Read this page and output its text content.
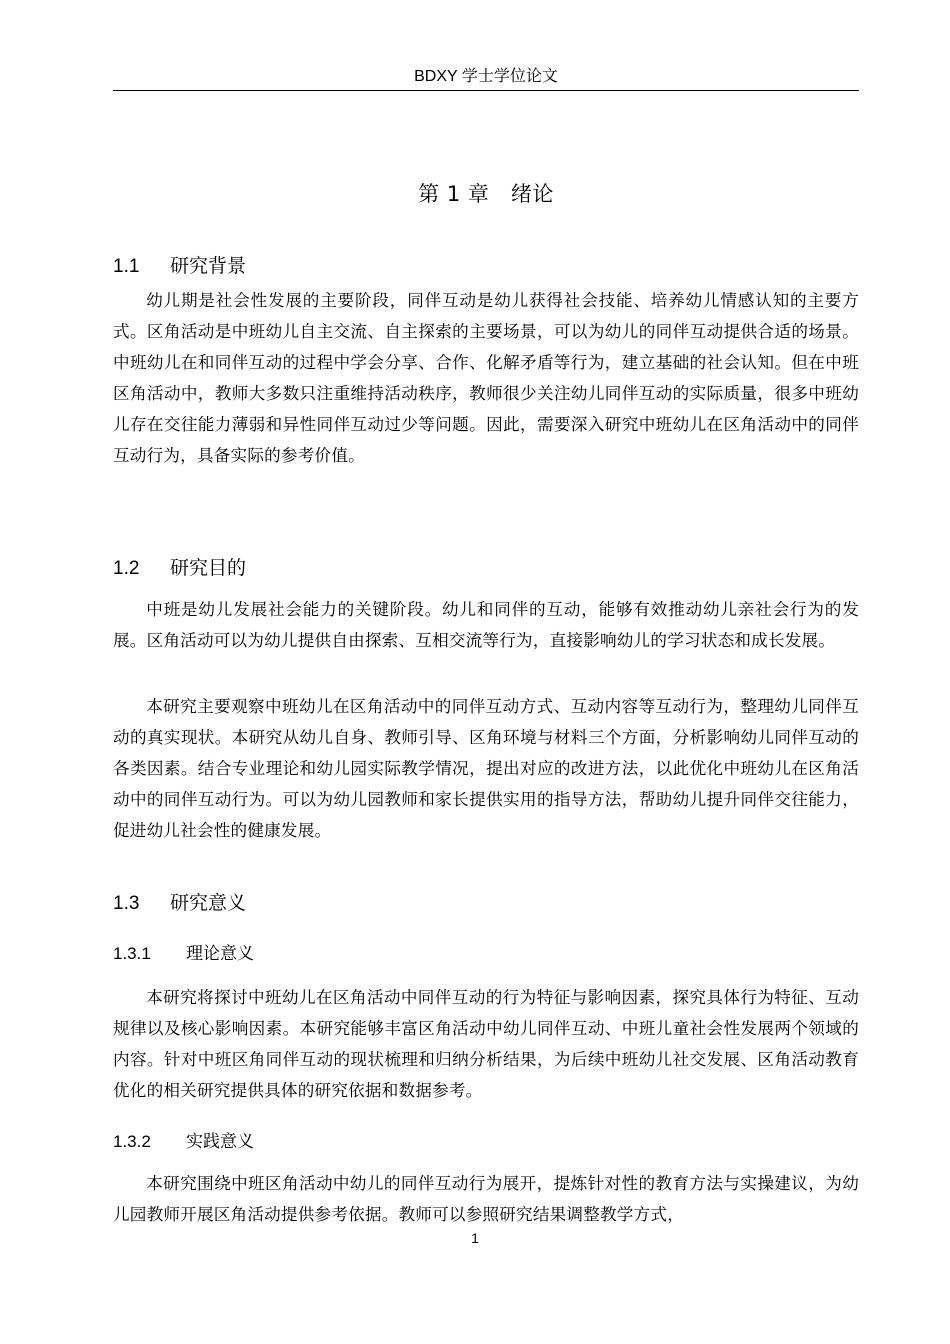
BDXY 学士学位论文
第 1 章　绪论
1.1 研究背景

幼儿期是社会性发展的主要阶段，同伴互动是幼儿获得社会技能、培养幼儿情感认知的主要方式。区角活动是中班幼儿自主交流、自主探索的主要场景，可以为幼儿的同伴互动提供合适的场景。中班幼儿在和同伴互动的过程中学会分享、合作、化解矛盾等行为，建立基础的社会认知。但在中班区角活动中，教师大多数只注重维持活动秩序，教师很少关注幼儿同伴互动的实际质量，很多中班幼儿存在交往能力薄弱和异性同伴互动过少等问题。因此，需要深入研究中班幼儿在区角活动中的同伴互动行为，具备实际的参考价值。

1.2 研究目的

中班是幼儿发展社会能力的关键阶段。幼儿和同伴的互动，能够有效推动幼儿亲社会行为的发展。区角活动可以为幼儿提供自由探索、互相交流等行为，直接影响幼儿的学习状态和成长发展。

本研究主要观察中班幼儿在区角活动中的同伴互动方式、互动内容等互动行为，整理幼儿同伴互动的真实现状。本研究从幼儿自身、教师引导、区角环境与材料三个方面，分析影响幼儿同伴互动的各类因素。结合专业理论和幼儿园实际教学情况，提出对应的改进方法，以此优化中班幼儿在区角活动中的同伴互动行为。可以为幼儿园教师和家长提供实用的指导方法，帮助幼儿提升同伴交往能力，促进幼儿社会性的健康发展。

1.3 研究意义
1.3.1 理论意义

本研究将探讨中班幼儿在区角活动中同伴互动的行为特征与影响因素，探究具体行为特征、互动规律以及核心影响因素。本研究能够丰富区角活动中幼儿同伴互动、中班儿童社会性发展两个领域的内容。针对中班区角同伴互动的现状梳理和归纳分析结果，为后续中班幼儿社交发展、区角活动教育优化的相关研究提供具体的研究依据和数据参考。

1.3.2 实践意义

本研究围绕中班区角活动中幼儿的同伴互动行为展开，提炼针对性的教育方法与实操建议，为幼儿园教师开展区角活动提供参考依据。教师可以参照研究结果调整教学方式，

1
